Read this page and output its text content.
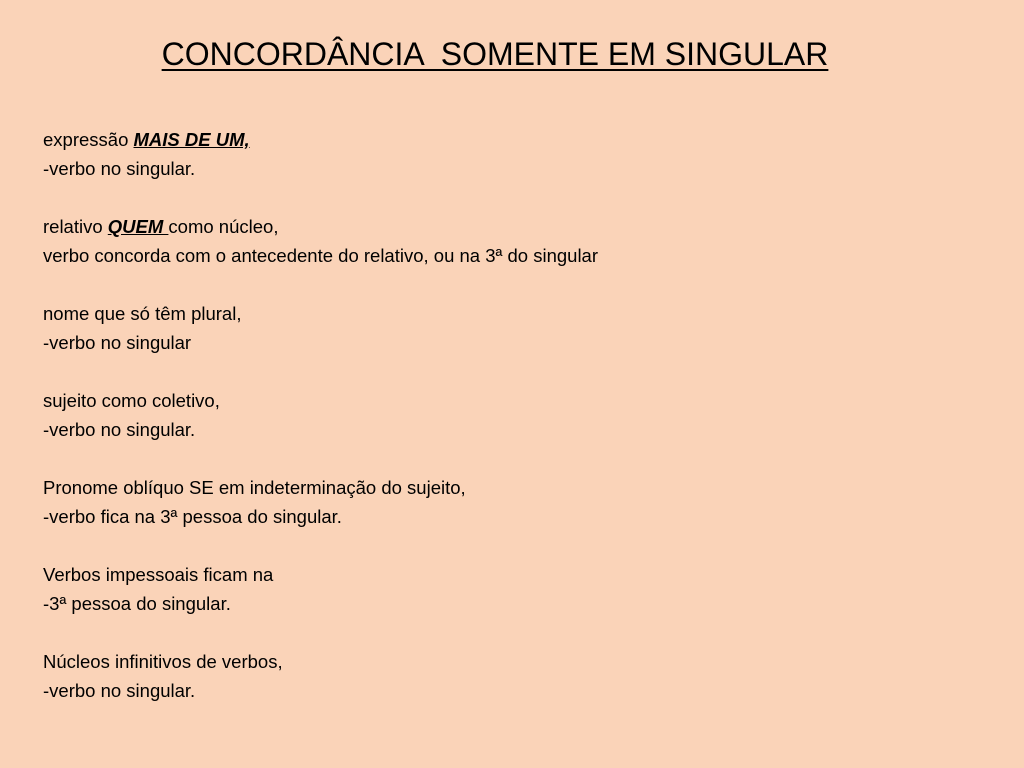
CONCORDÂNCIA  SOMENTE EM SINGULAR
expressão MAIS DE UM,
-verbo no singular.
relativo QUEM como núcleo,
verbo concorda com o antecedente do relativo, ou na 3ª do singular
nome que só têm plural,
-verbo no singular
sujeito como coletivo,
-verbo no singular.
Pronome oblíquo SE em indeterminação do sujeito,
-verbo fica na 3ª pessoa do singular.
Verbos impessoais ficam na
-3ª pessoa do singular.
Núcleos infinitivos de verbos,
-verbo no singular.
